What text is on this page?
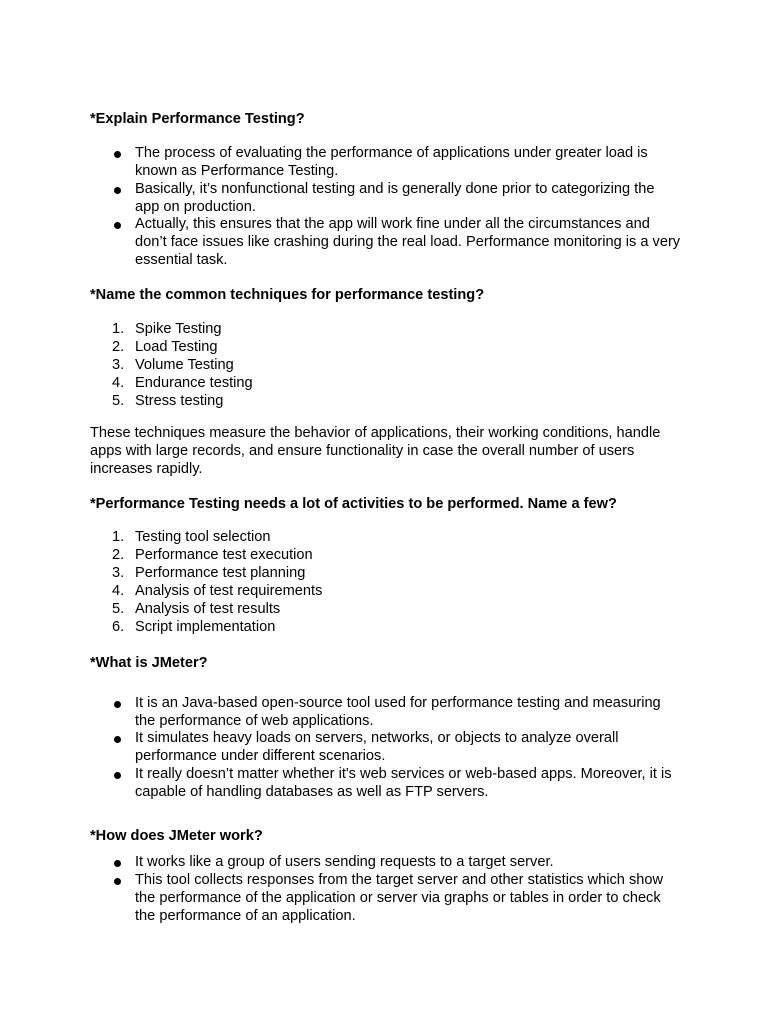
*Explain Performance Testing?
The process of evaluating the performance of applications under greater load is known as Performance Testing.
Basically, it’s nonfunctional testing and is generally done prior to categorizing the app on production.
Actually, this ensures that the app will work fine under all the circumstances and don’t face issues like crashing during the real load. Performance monitoring is a very essential task.
*Name the common techniques for performance testing?
1. Spike Testing
2. Load Testing
3. Volume Testing
4. Endurance testing
5. Stress testing
These techniques measure the behavior of applications, their working conditions, handle apps with large records, and ensure functionality in case the overall number of users increases rapidly.
*Performance Testing needs a lot of activities to be performed. Name a few?
1. Testing tool selection
2. Performance test execution
3. Performance test planning
4. Analysis of test requirements
5. Analysis of test results
6. Script implementation
*What is JMeter?
It is an Java-based open-source tool used for performance testing and measuring the performance of web applications.
It simulates heavy loads on servers, networks, or objects to analyze overall performance under different scenarios.
It really doesn’t matter whether it's web services or web-based apps. Moreover, it is capable of handling databases as well as FTP servers.
*How does JMeter work?
It works like a group of users sending requests to a target server.
This tool collects responses from the target server and other statistics which show the performance of the application or server via graphs or tables in order to check the performance of an application.
